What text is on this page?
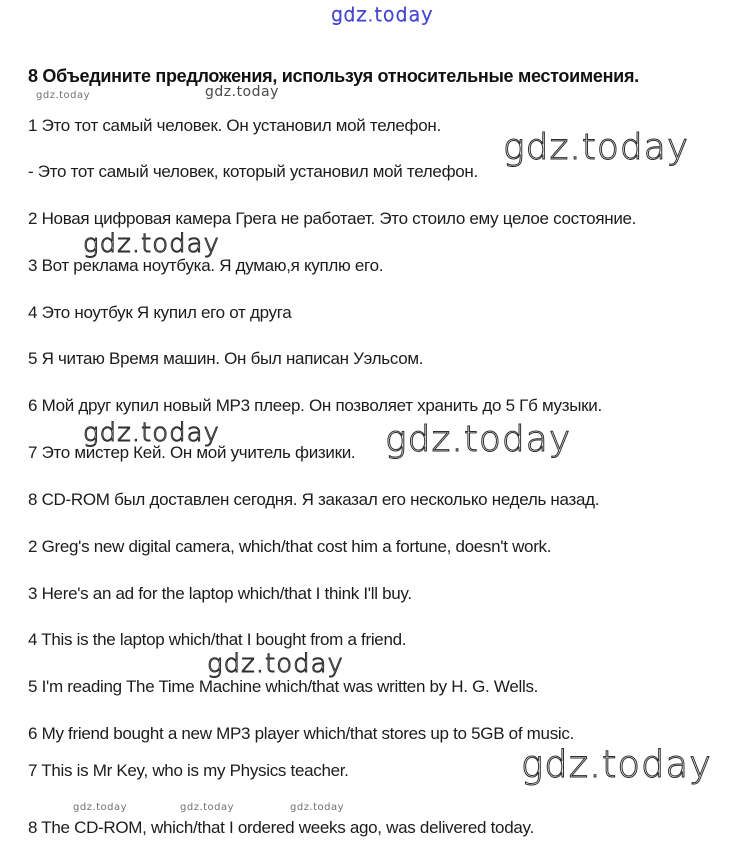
gdz.today
8 Объедините предложения, используя относительные местоимения.
gdz.today	gdz.today

1 Это тот самый человек. Он установил мой телефон.

gdz.today

- Это тот самый человек, который установил мой телефон.

2 Новая цифровая камера Грега не работает. Это стоило ему целое состояние.

gdz.today

3 Вот реклама ноутбука. Я думаю,я куплю его.

4 Это ноутбук Я купил его от друга

5 Я читаю Время машин. Он был написан Уэльсом.

6 Мой друг купил новый MP3 плеер. Он позволяет хранить до 5 Гб музыки.

gdz.today	gdz.today

7 Это мистер Кей. Он мой учитель физики.

8 CD-ROM был доставлен сегодня. Я заказал его несколько недель назад.

2 Greg's new digital camera, which/that cost him a fortune, doesn't work.

3 Here's an ad for the laptop which/that I think I'll buy.

4 This is the laptop which/that I bought from a friend.

gdz.today

5 I'm reading The Time Machine which/that was written by H. G. Wells.

6 My friend bought a new MP3 player which/that stores up to 5GB of music.

gdz.today

7 This is Mr Key, who is my Physics teacher.

gdz.today	gdz.today	gdz.today

8 The CD-ROM, which/that I ordered weeks ago, was delivered today.
